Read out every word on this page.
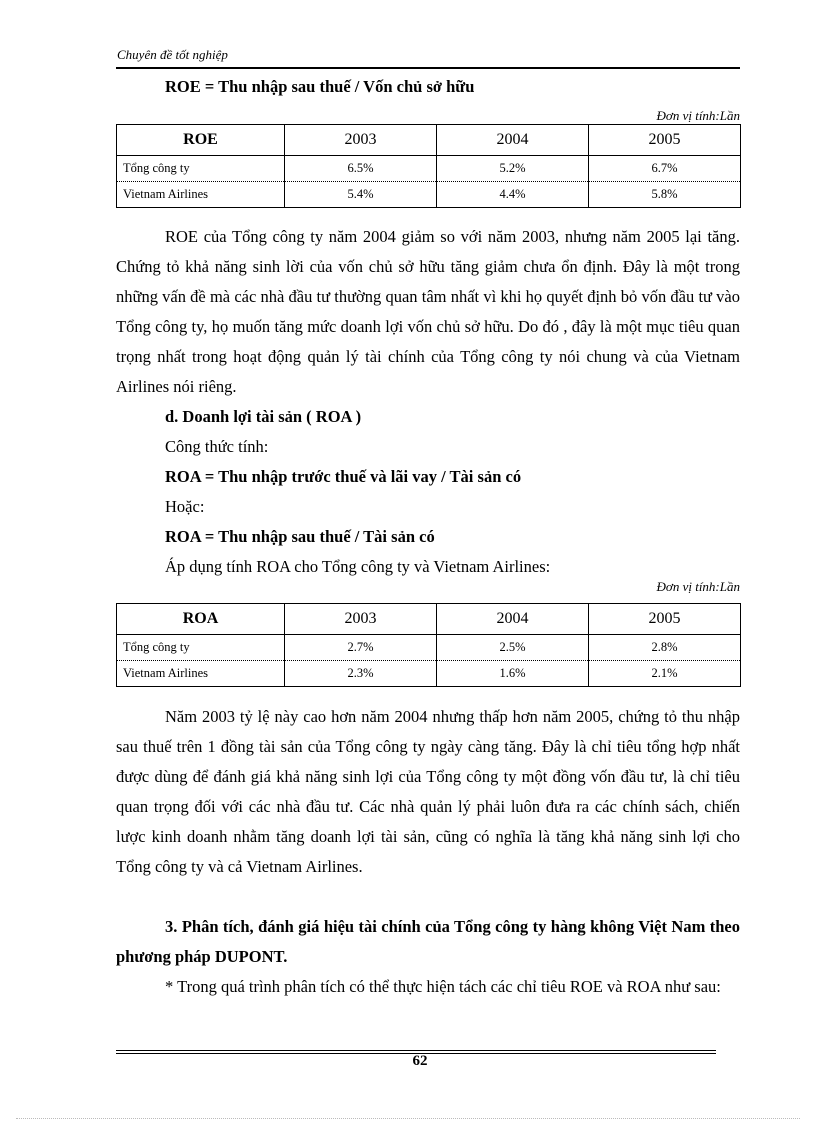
Chuyên đề tốt nghiệp
ROE = Thu nhập sau thuế / Vốn chủ sở hữu
Đơn vị tính:Lần
ROE	2003	2004	2005
Tổng công ty	6.5%	5.2%	6.7%
Vietnam Airlines	5.4%	4.4%	5.8%
ROE của Tổng công ty năm 2004 giảm so với năm 2003, nhưng năm 2005 lại tăng. Chứng tỏ khả năng sinh lời của vốn chủ sở hữu tăng giảm chưa ổn định. Đây là một trong những vấn đề mà các nhà đầu tư thường quan tâm nhất vì khi họ quyết định bỏ vốn đầu tư vào Tổng công ty, họ muốn tăng mức doanh lợi vốn chủ sở hữu. Do đó , đây là một mục tiêu quan trọng nhất trong hoạt động quản lý tài chính của Tổng công ty nói chung và của Vietnam Airlines nói riêng.
d. Doanh lợi tài sản ( ROA )
Công thức tính:
ROA = Thu nhập trước thuế và lãi vay / Tài sản có
Hoặc:
ROA = Thu nhập sau thuế / Tài sản có
Áp dụng tính ROA cho Tổng công ty và Vietnam Airlines:
Đơn vị tính:Lần
ROA	2003	2004	2005
Tổng công ty	2.7%	2.5%	2.8%
Vietnam Airlines	2.3%	1.6%	2.1%
Năm 2003 tỷ lệ này cao hơn năm 2004 nhưng thấp hơn năm 2005, chứng tỏ thu nhập sau thuế trên 1 đồng tài sản của Tổng công ty ngày càng tăng. Đây là chỉ tiêu tổng hợp nhất được dùng để đánh giá khả năng sinh lợi của Tổng công ty một đồng vốn đầu tư, là chỉ tiêu quan trọng đối với các nhà đầu tư. Các nhà quản lý phải luôn đưa ra các chính sách, chiến lược kinh doanh nhằm tăng doanh lợi tài sản, cũng có nghĩa là tăng khả năng sinh lợi cho Tổng công ty và cả Vietnam Airlines.
3. Phân tích, đánh giá hiệu tài chính của Tổng công ty hàng không Việt Nam theo phương pháp DUPONT.
* Trong quá trình phân tích có thể thực hiện tách các chỉ tiêu ROE và ROA như sau:
62
